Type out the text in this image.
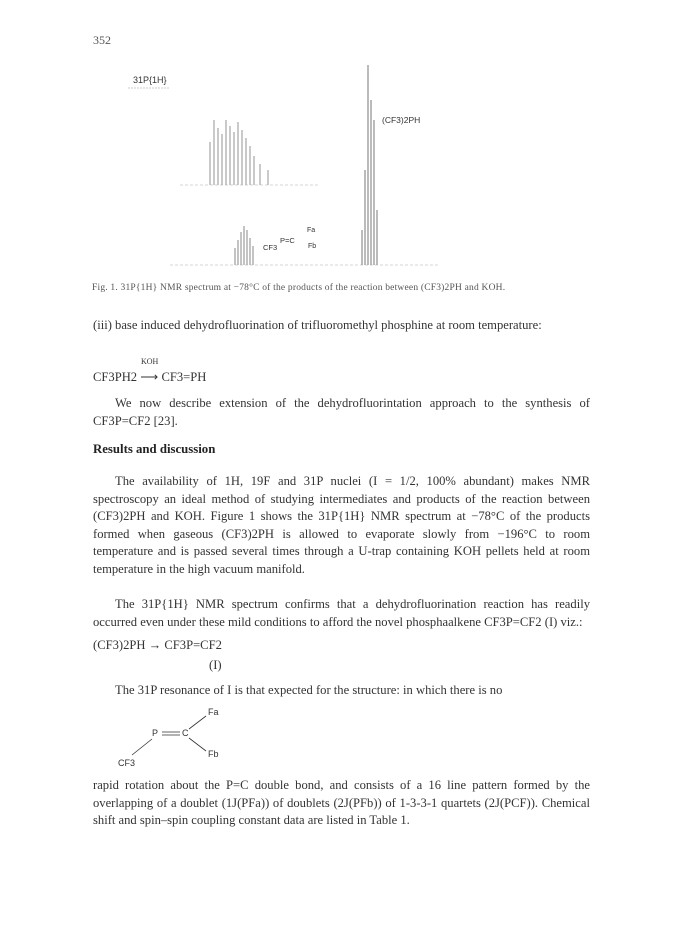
352
31P{1H}
(CF3)2PH
CF3
P=C
Fa
Fb
Fig. 1. 31P{1H} NMR spectrum at −78°C of the products of the reaction between (CF3)2PH and KOH.
(iii) base induced dehydrofluorination of trifluoromethyl phosphine at room temperature:
KOH
CF3PH2 ⟶ CF3=PH
We now describe extension of the dehydrofluorintation approach to the synthesis of CF3P=CF2 [23].
Results and discussion
The availability of 1H, 19F and 31P nuclei (I = 1/2, 100% abundant) makes NMR spectroscopy an ideal method of studying intermediates and products of the reaction between (CF3)2PH and KOH. Figure 1 shows the 31P{1H} NMR spectrum at −78°C of the products formed when gaseous (CF3)2PH is allowed to evaporate slowly from −196°C to room temperature and is passed several times through a U-trap containing KOH pellets held at room temperature in the high vacuum manifold.
The 31P{1H} NMR spectrum confirms that a dehydrofluorination reaction has readily occurred even under these mild conditions to afford the novel phosphaalkene CF3P=CF2 (I) viz.:
(CF3)2PH → CF3P=CF2
(I)
The 31P resonance of I is that expected for the structure: in which there is no
P	C
Fa
Fb
CF3
rapid rotation about the P=C double bond, and consists of a 16 line pattern formed by the overlapping of a doublet (1J(PFa)) of doublets (2J(PFb)) of 1-3-3-1 quartets (2J(PCF)). Chemical shift and spin–spin coupling constant data are listed in Table 1.
